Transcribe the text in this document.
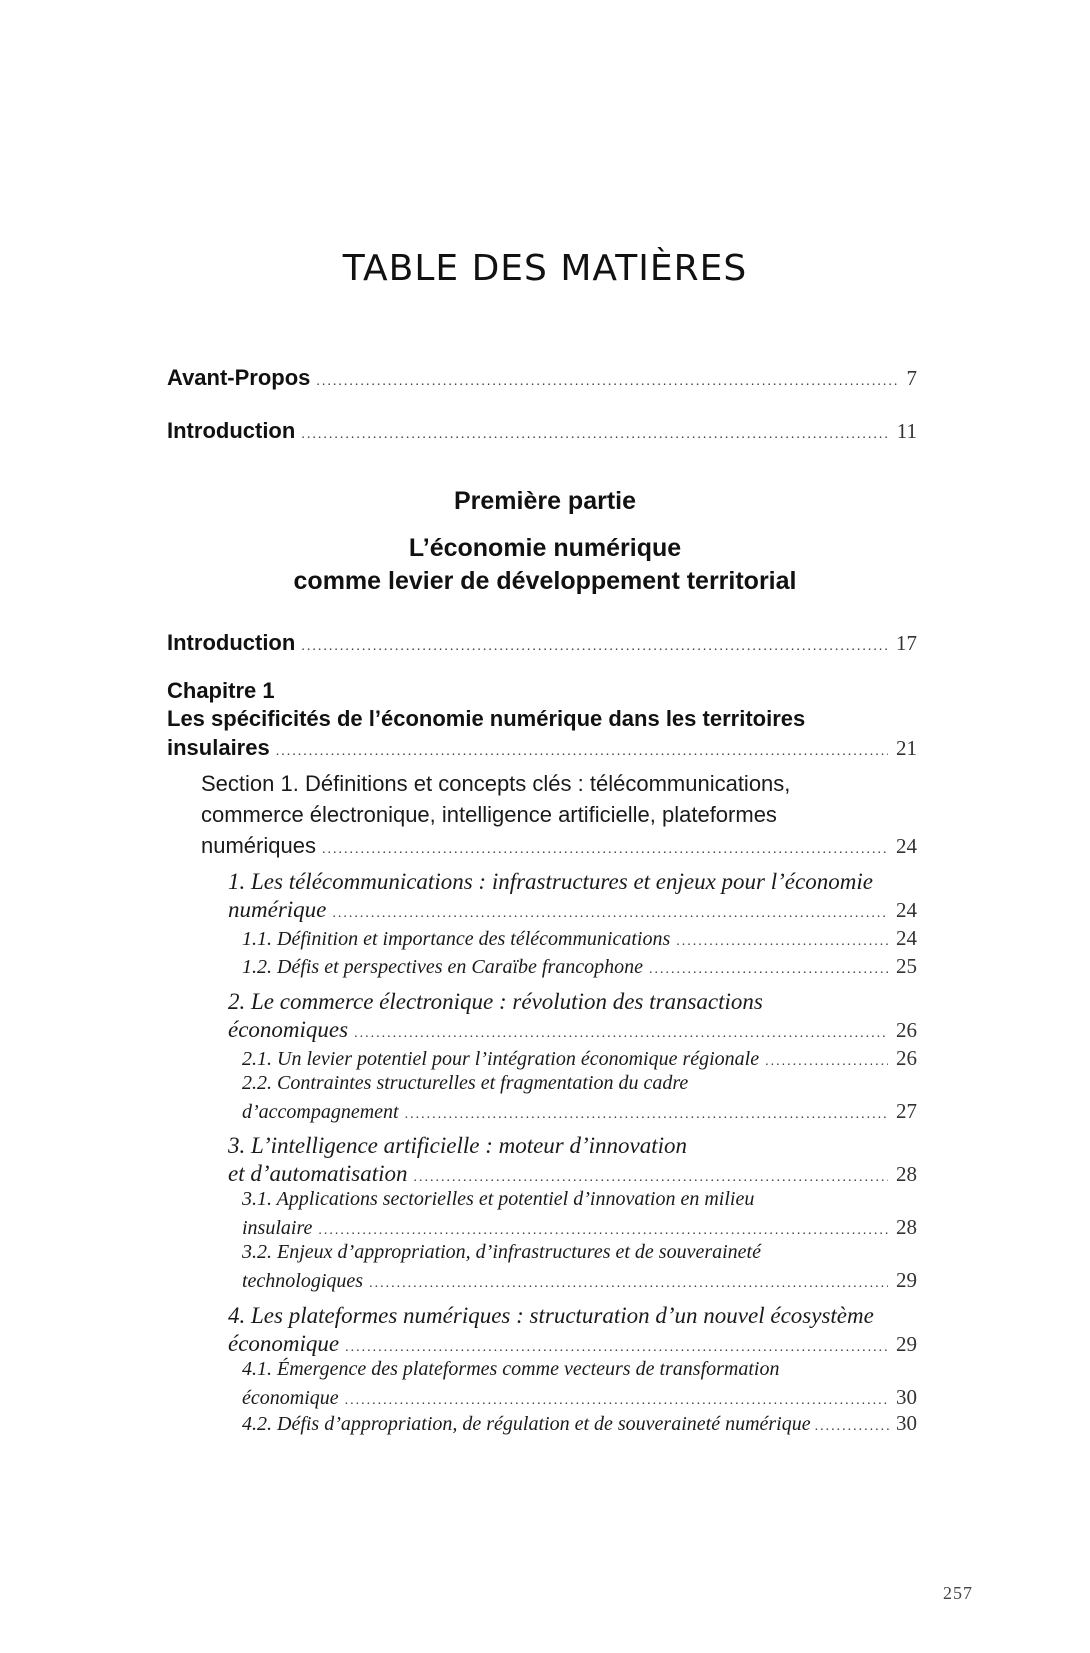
TABLE DES MATIÈRES
Avant-Propos .....	7
Introduction .....	11
Première partie
L’économie numérique
comme levier de développement territorial
Introduction .....	17
Chapitre 1
Les spécificités de l’économie numérique dans les territoires
insulaires .....	21
Section 1. Définitions et concepts clés : télécommunications,
commerce électronique, intelligence artificielle, plateformes
numériques .....	24
1. Les télécommunications : infrastructures et enjeux pour l’économie
numérique .....	24
1.1. Définition et importance des télécommunications .....	24
1.2. Défis et perspectives en Caraïbe francophone .....	25
2. Le commerce électronique : révolution des transactions
économiques .....	26
2.1. Un levier potentiel pour l’intégration économique régionale .....	26
2.2. Contraintes structurelles et fragmentation du cadre
d’accompagnement .....	27
3. L’intelligence artificielle : moteur d’innovation
et d’automatisation .....	28
3.1. Applications sectorielles et potentiel d’innovation en milieu
insulaire .....	28
3.2. Enjeux d’appropriation, d’infrastructures et de souveraineté
technologiques .....	29
4. Les plateformes numériques : structuration d’un nouvel écosystème
économique .....	29
4.1. Émergence des plateformes comme vecteurs de transformation
économique .....	30
4.2. Défis d’appropriation, de régulation et de souveraineté numérique .....	30
257
